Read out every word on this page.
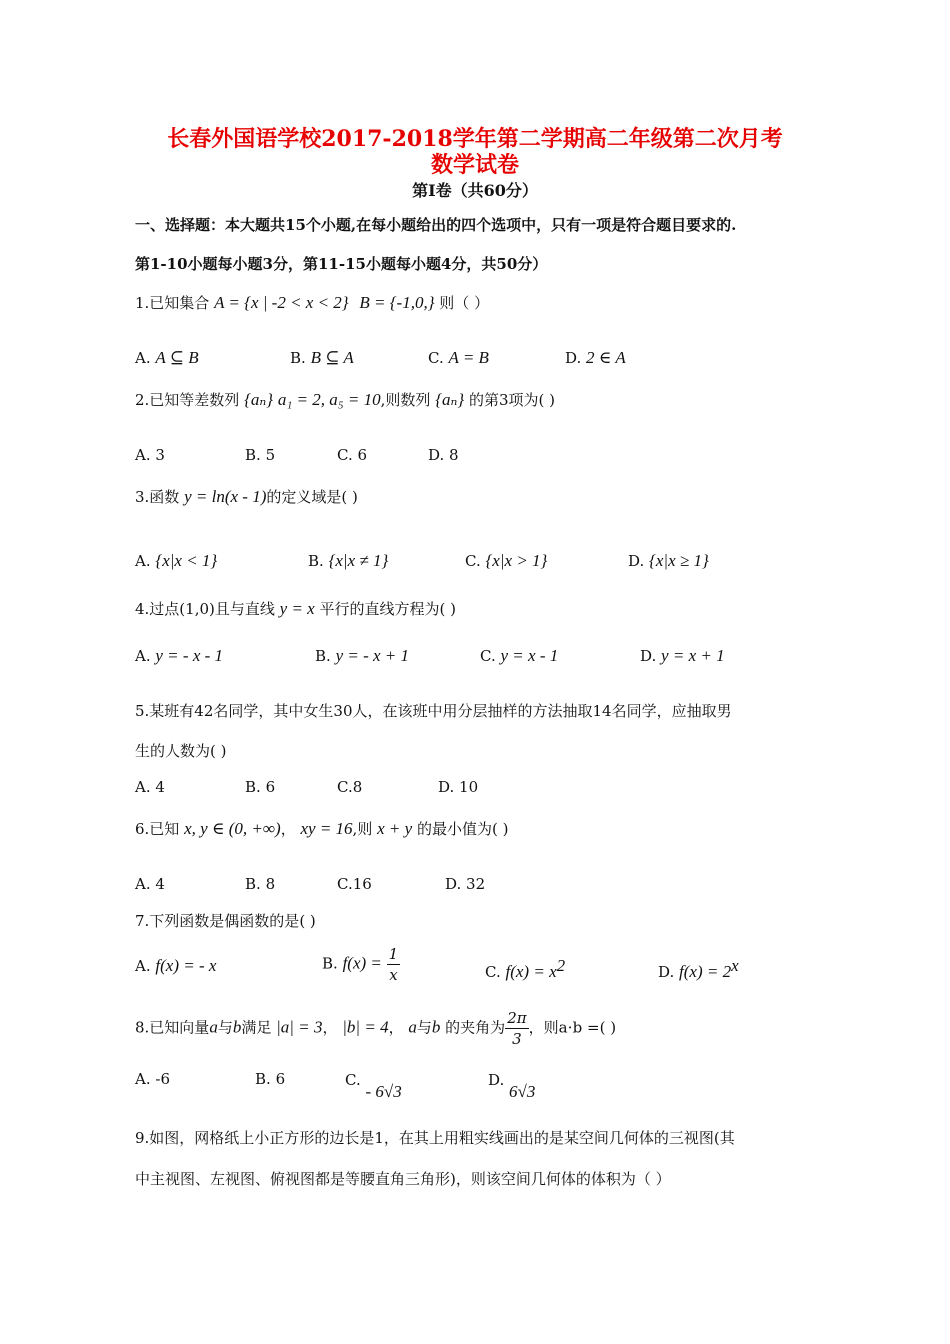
长春外国语学校2017-2018学年第二学期高二年级第二次月考
数学试卷
第Ⅰ卷（共60分）
一、选择题：本大题共15个小题,在每小题给出的四个选项中，只有一项是符合题目要求的.
第1-10小题每小题3分，第11-15小题每小题4分，共50分）
1.已知集合 A = {x | -2 < x < 2} B = {-1,0,} 则（ ）
A. A ⊆ B	B. B ⊆ A	C. A = B	D. 2 ∈ A
2.已知等差数列 {aₙ} a₁ = 2, a₅ = 10,则数列 {aₙ} 的第3项为( )
A. 3	B. 5	C. 6	D. 8
3.函数 y = ln(x - 1)的定义域是( )
A. {x|x < 1}	B. {x|x ≠ 1}	C. {x|x > 1}	D. {x|x ≥ 1}
4.过点(1,0)且与直线 y = x 平行的直线方程为( )
A. y = - x - 1	B. y = - x + 1	C. y = x - 1	D. y = x + 1
5.某班有42名同学，其中女生30人，在该班中用分层抽样的方法抽取14名同学，应抽取男
生的人数为( )
A. 4	B. 6	C.8	D. 10
6.已知 x, y ∈ (0, +∞)， xy = 16,则 x + y 的最小值为( )
A. 4	B. 8	C.16	D. 32
7.下列函数是偶函数的是( )
A. f(x) = - x	B. $f(x) = \frac{1}{x}$	C. $f(x) = x^2$	D. $f(x) = 2^x$
8.已知向量a与b满足 |a| = 3， |b| = 4， a与b 的夹角为 $\frac{2\pi}{3}$ ，则a⋅b =( )
A. -6	B. 6	C. - 6√3
D. 6√3
9.如图，网格纸上小正方形的边长是1，在其上用粗实线画出的是某空间几何体的三视图(其
中主视图、左视图、俯视图都是等腰直角三角形)，则该空间几何体的体积为（ ）
